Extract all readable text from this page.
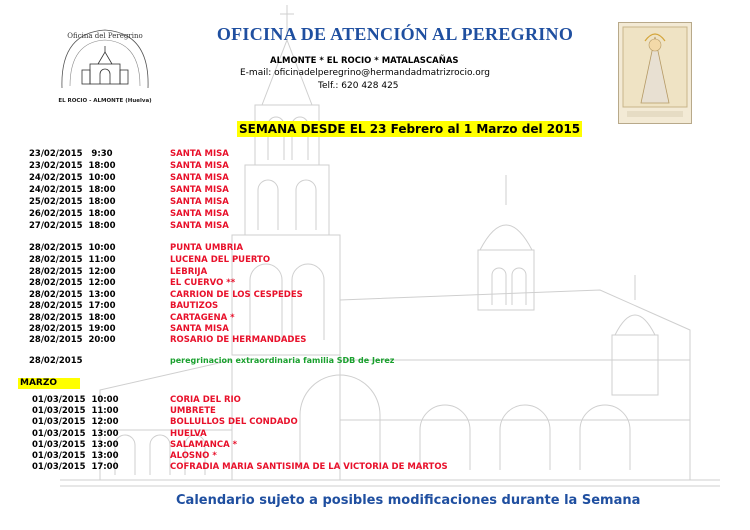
Oficina del Peregrino
EL ROCIO - ALMONTE (Huelva)
OFICINA DE ATENCIÓN AL PEREGRINO
ALMONTE * EL ROCIO * MATALASCAÑAS
E-mail: oficinadelperegrino@hermandadmatrizrocio.org
Telf.: 620 428 425
SEMANA DESDE EL 23 Febrero al 1 Marzo del 2015
23/02/2015   9:30	SANTA MISA
23/02/2015  18:00	SANTA MISA
24/02/2015  10:00	SANTA MISA
24/02/2015  18:00	SANTA MISA
25/02/2015  18:00	SANTA MISA
26/02/2015  18:00	SANTA MISA
27/02/2015  18:00	SANTA MISA
28/02/2015  10:00	PUNTA UMBRIA
28/02/2015  11:00	LUCENA DEL PUERTO
28/02/2015  12:00	LEBRIJA
28/02/2015  12:00	EL CUERVO **
28/02/2015  13:00	CARRION DE LOS CESPEDES
28/02/2015  17:00	BAUTIZOS
28/02/2015  18:00	CARTAGENA *
28/02/2015  19:00	SANTA MISA
28/02/2015  20:00	ROSARIO DE HERMANDADES
28/02/2015	peregrinacion extraordinaria familia SDB de Jerez
01/03/2015  10:00	CORIA DEL RIO
01/03/2015  11:00	UMBRETE
01/03/2015  12:00	BOLLULLOS DEL CONDADO
01/03/2015  13:00	HUELVA
01/03/2015  13:00	SALAMANCA *
01/03/2015  13:00	ALOSNO *
01/03/2015  17:00	COFRADIA MARIA SANTISIMA DE LA VICTORIA DE MARTOS
MARZO
Calendario sujeto a posibles modificaciones durante la Semana
